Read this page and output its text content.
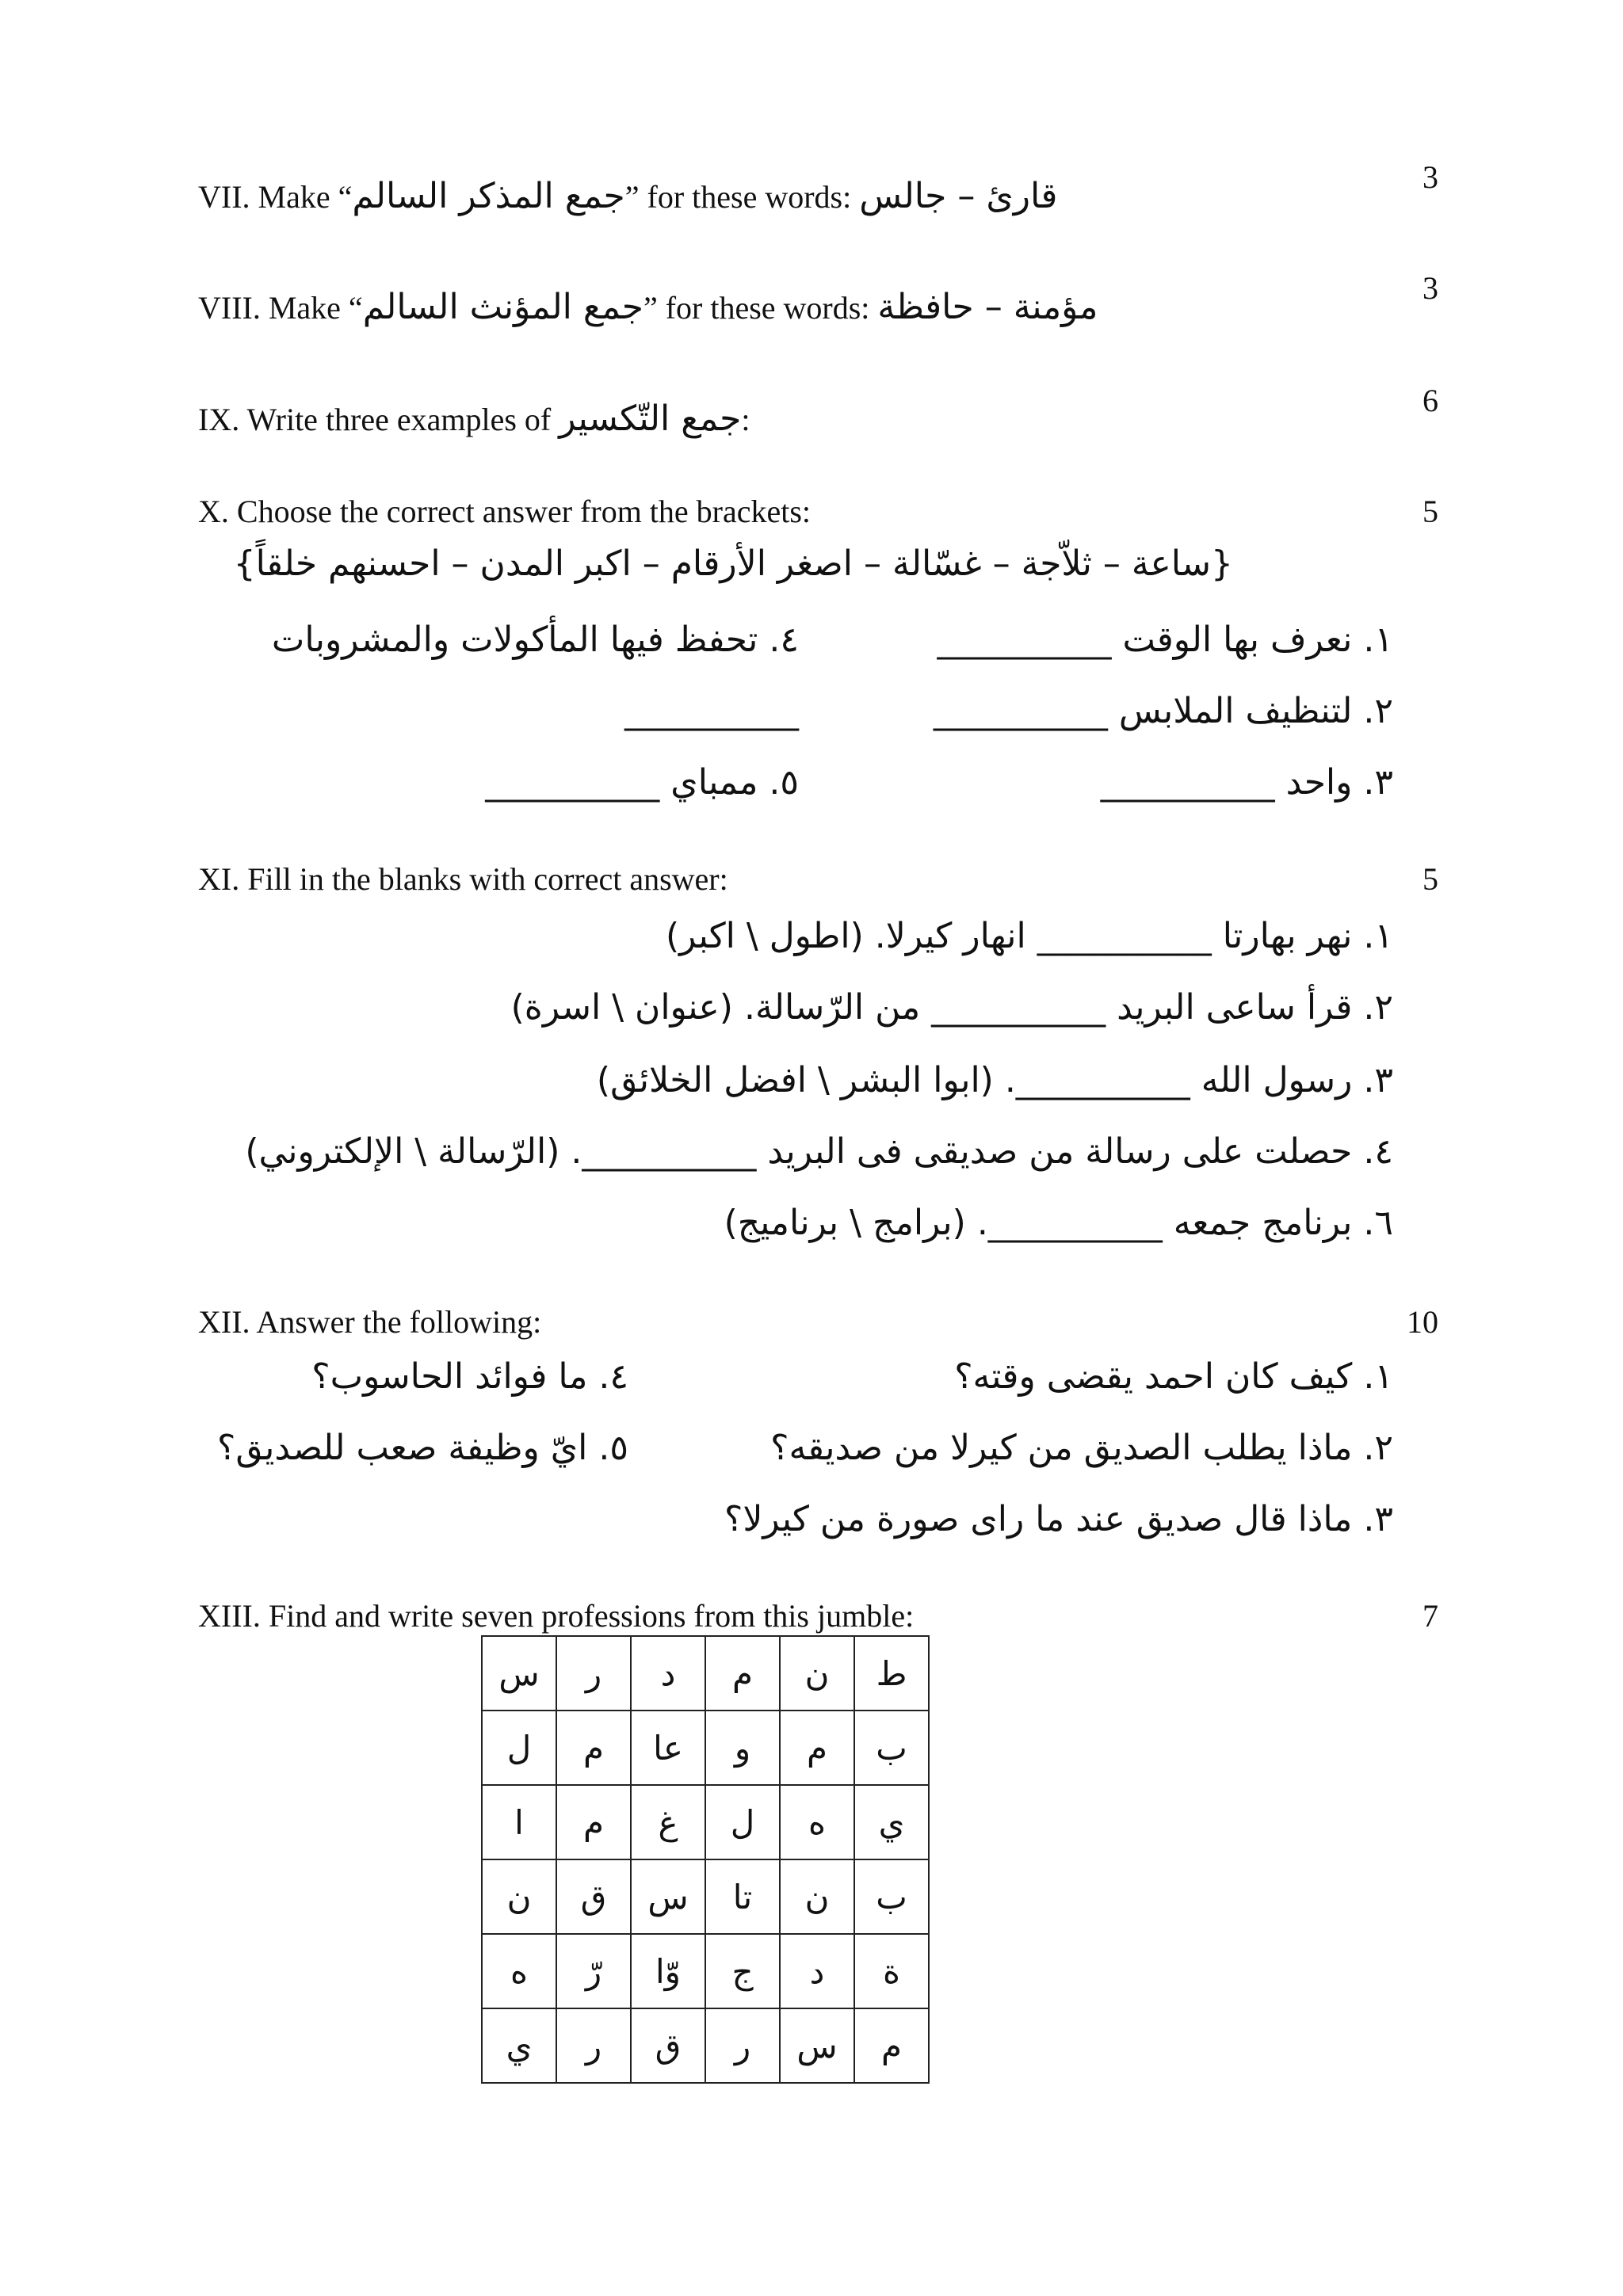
VII. Make “جمع المذكر السالم” for these words: قارئ – جالس	3
VIII. Make “جمع المؤنث السالم” for these words: مؤمنة – حافظة	3
IX. Write three examples of جمع التّكسير:
6
X. Choose the correct answer from the brackets:	5
{ساعة – ثلاّجة – غسّالة – اصغر الأرقام – اكبر المدن – احسنهم خلقاً}
١. نعرف بها الوقت __________
٤. تحفظ فيها المأكولات والمشروبات
٢. لتنظيف الملابس __________
__________
٣. واحد __________
٥. ممباي __________
XI. Fill in the blanks with correct answer:	5
١. نهر بهارتا __________ انهار كيرلا. (اطول \ اكبر)
٢. قرأ ساعى البريد __________ من الرّسالة. (عنوان \ اسرة)
٣. رسول الله __________. (ابوا البشر \ افضل الخلائق)
٤. حصلت على رسالة من صديقى فى البريد __________. (الرّسالة \ الإلكتروني)
٦. برنامج جمعه __________. (برامج \ برناميج)
XII. Answer the following:	10
١. كيف كان احمد يقضى وقته؟
٤. ما فوائد الحاسوب؟
٢. ماذا يطلب الصديق من كيرلا من صديقه؟
٥. ايّ وظيفة صعب للصديق؟
٣. ماذا قال صديق عند ما راى صورة من كيرلا؟
XIII. Find and write seven professions from this jumble:	7
س	ر	د	م	ن	ط
ل	م	عا	و	م	ب
ا	م	غ	ل	ه	ي
ن	ق	س	تا	ن	ب
ه	رّ	وّا	ج	د	ة
ي	ر	ق	ر	س	م
